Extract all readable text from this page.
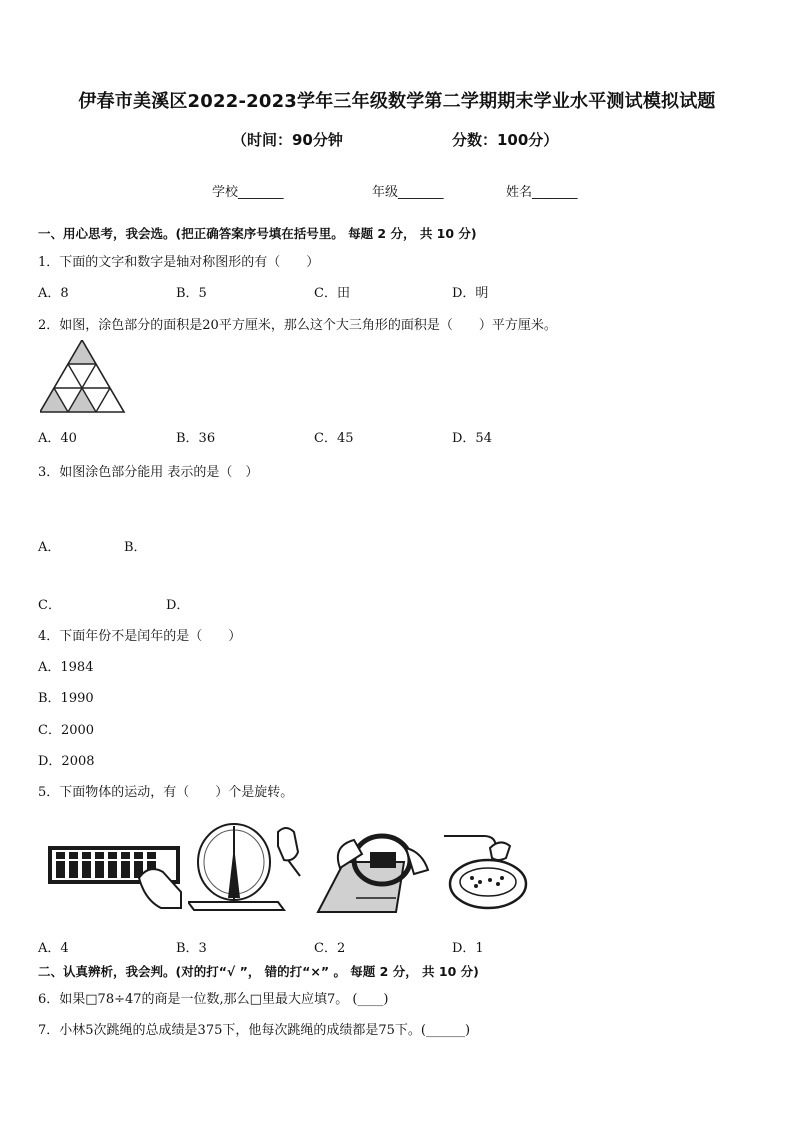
伊春市美溪区2022-2023学年三年级数学第二学期期末学业水平测试模拟试题
（时间：90分钟	分数：100分）
学校_______	年级_______	姓名_______
一、用心思考，我会选。(把正确答案序号填在括号里。 每题 2 分， 共 10 分)
1．下面的文字和数字是轴对称图形的有（　　）
A．8	B．5	C．田	D．明
2．如图，涂色部分的面积是20平方厘米，那么这个大三角形的面积是（　　）平方厘米。
A．40	B．36	C．45	D．54
3．如图涂色部分能用 表示的是（　）
A．	B．
C．	D．
4．下面年份不是闰年的是（　　）
A．1984
B．1990
C．2000
D．2008
5．下面物体的运动，有（　　）个是旋转。
A．4	B．3	C．2	D．1
二、认真辨析，我会判。(对的打“√ ”， 错的打“×” 。 每题 2 分， 共 10 分)
6．如果□78÷47的商是一位数,那么□里最大应填7。 (____)
7．小林5次跳绳的总成绩是375下，他每次跳绳的成绩都是75下。(______)
